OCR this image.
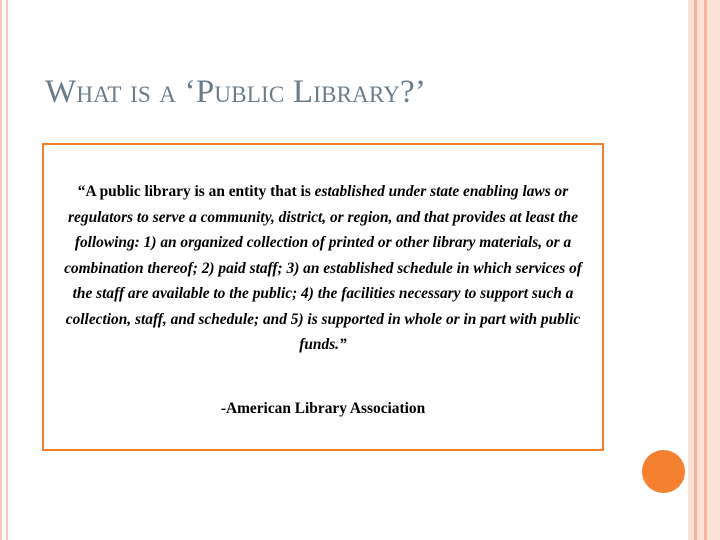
What is a ‘Public Library?’

“A public library is an entity that is established under state enabling laws or regulators to serve a community, district, or region, and that provides at least the following: 1) an organized collection of printed or other library materials, or a combination thereof; 2) paid staff; 3) an established schedule in which services of the staff are available to the public; 4) the facilities necessary to support such a collection, staff, and schedule; and 5) is supported in whole or in part with public funds.”

-American Library Association
